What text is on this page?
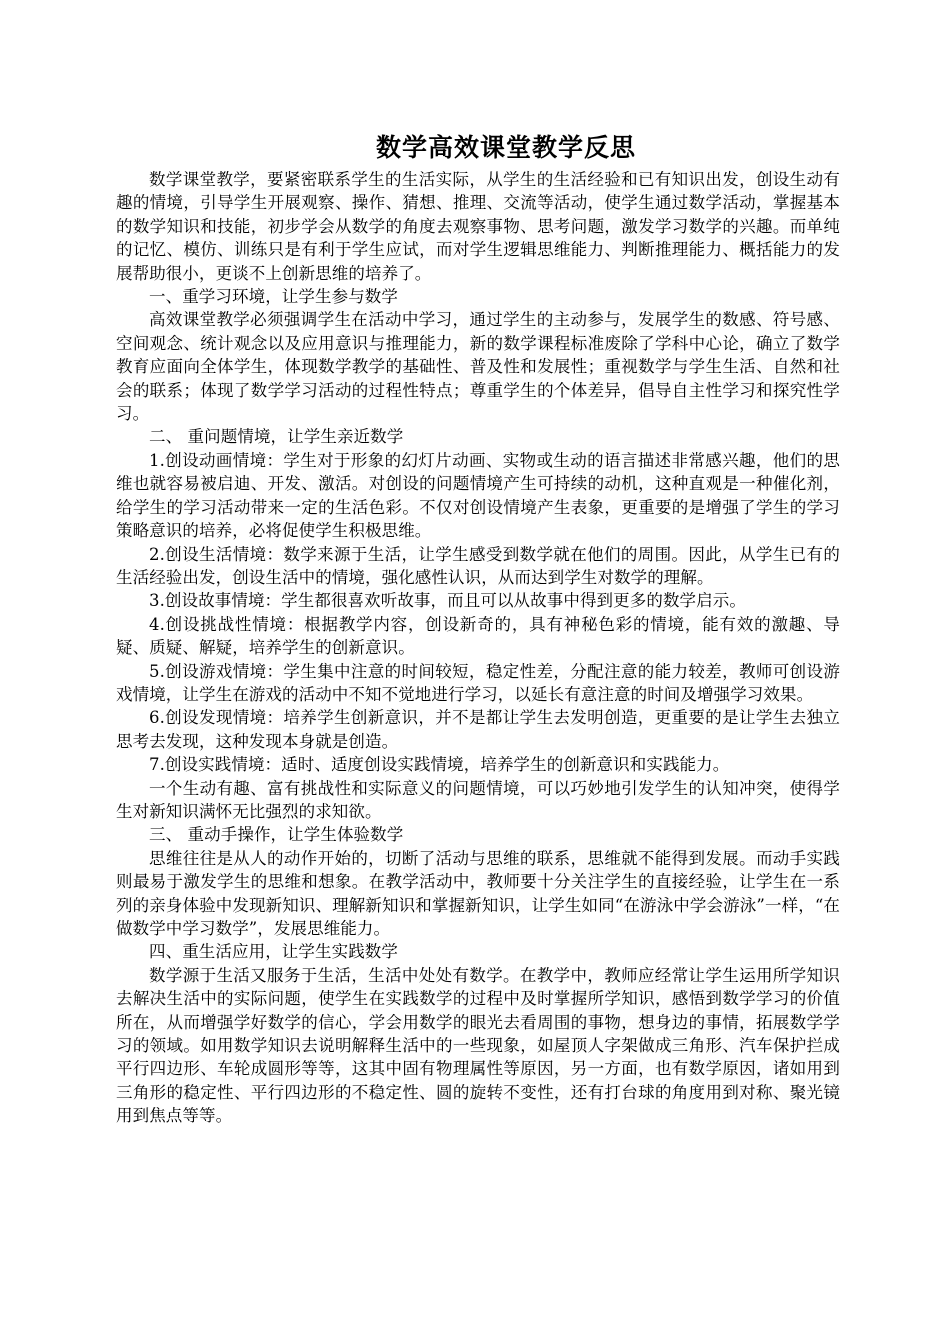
数学高效课堂教学反思

数学课堂教学，要紧密联系学生的生活实际，从学生的生活经验和已有知识出发，创设生动有趣的情境，引导学生开展观察、操作、猜想、推理、交流等活动，使学生通过数学活动，掌握基本的数学知识和技能，初步学会从数学的角度去观察事物、思考问题，激发学习数学的兴趣。而单纯的记忆、模仿、训练只是有利于学生应试，而对学生逻辑思维能力、判断推理能力、概括能力的发展帮助很小，更谈不上创新思维的培养了。

一、重学习环境，让学生参与数学

高效课堂教学必须强调学生在活动中学习，通过学生的主动参与，发展学生的数感、符号感、空间观念、统计观念以及应用意识与推理能力，新的数学课程标准废除了学科中心论，确立了数学教育应面向全体学生，体现数学教学的基础性、普及性和发展性；重视数学与学生生活、自然和社会的联系；体现了数学学习活动的过程性特点；尊重学生的个体差异，倡导自主性学习和探究性学习。

二、 重问题情境，让学生亲近数学

1.创设动画情境：学生对于形象的幻灯片动画、实物或生动的语言描述非常感兴趣，他们的思维也就容易被启迪、开发、激活。对创设的问题情境产生可持续的动机，这种直观是一种催化剂，给学生的学习活动带来一定的生活色彩。不仅对创设情境产生表象，更重要的是增强了学生的学习策略意识的培养，必将促使学生积极思维。

2.创设生活情境：数学来源于生活，让学生感受到数学就在他们的周围。因此，从学生已有的生活经验出发，创设生活中的情境，强化感性认识，从而达到学生对数学的理解。

3.创设故事情境：学生都很喜欢听故事，而且可以从故事中得到更多的数学启示。

4.创设挑战性情境：根据教学内容，创设新奇的，具有神秘色彩的情境，能有效的激趣、导疑、质疑、解疑，培养学生的创新意识。

5.创设游戏情境：学生集中注意的时间较短，稳定性差，分配注意的能力较差，教师可创设游戏情境，让学生在游戏的活动中不知不觉地进行学习，以延长有意注意的时间及增强学习效果。

6.创设发现情境：培养学生创新意识，并不是都让学生去发明创造，更重要的是让学生去独立思考去发现，这种发现本身就是创造。

7.创设实践情境：适时、适度创设实践情境，培养学生的创新意识和实践能力。

一个生动有趣、富有挑战性和实际意义的问题情境，可以巧妙地引发学生的认知冲突，使得学生对新知识满怀无比强烈的求知欲。

三、 重动手操作，让学生体验数学

思维往往是从人的动作开始的，切断了活动与思维的联系，思维就不能得到发展。而动手实践则最易于激发学生的思维和想象。在教学活动中，教师要十分关注学生的直接经验，让学生在一系列的亲身体验中发现新知识、理解新知识和掌握新知识，让学生如同“在游泳中学会游泳”一样，“在做数学中学习数学”，发展思维能力。

四、重生活应用，让学生实践数学

数学源于生活又服务于生活，生活中处处有数学。在教学中，教师应经常让学生运用所学知识去解决生活中的实际问题，使学生在实践数学的过程中及时掌握所学知识，感悟到数学学习的价值所在，从而增强学好数学的信心，学会用数学的眼光去看周围的事物，想身边的事情，拓展数学学习的领域。如用数学知识去说明解释生活中的一些现象，如屋顶人字架做成三角形、汽车保护拦成平行四边形、车轮成圆形等等，这其中固有物理属性等原因，另一方面，也有数学原因，诸如用到三角形的稳定性、平行四边形的不稳定性、圆的旋转不变性，还有打台球的角度用到对称、聚光镜用到焦点等等。
